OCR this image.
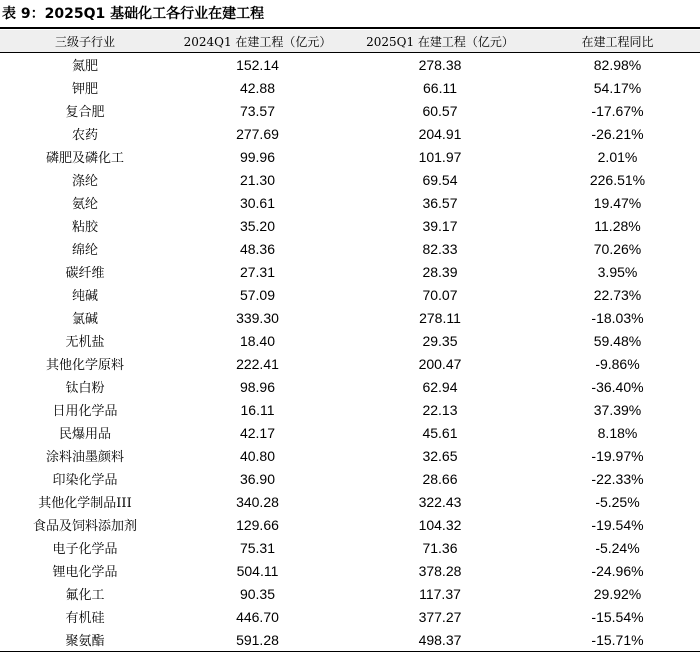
表 9：2025Q1 基础化工各行业在建工程
三级子行业	2024Q1 在建工程（亿元）	2025Q1 在建工程（亿元）	在建工程同比
氮肥	152.14	278.38	82.98%
钾肥	42.88	66.11	54.17%
复合肥	73.57	60.57	-17.67%
农药	277.69	204.91	-26.21%
磷肥及磷化工	99.96	101.97	2.01%
涤纶	21.30	69.54	226.51%
氨纶	30.61	36.57	19.47%
粘胶	35.20	39.17	11.28%
绵纶	48.36	82.33	70.26%
碳纤维	27.31	28.39	3.95%
纯碱	57.09	70.07	22.73%
氯碱	339.30	278.11	-18.03%
无机盐	18.40	29.35	59.48%
其他化学原料	222.41	200.47	-9.86%
钛白粉	98.96	62.94	-36.40%
日用化学品	16.11	22.13	37.39%
民爆用品	42.17	45.61	8.18%
涂料油墨颜料	40.80	32.65	-19.97%
印染化学品	36.90	28.66	-22.33%
其他化学制品III	340.28	322.43	-5.25%
食品及饲料添加剂	129.66	104.32	-19.54%
电子化学品	75.31	71.36	-5.24%
锂电化学品	504.11	378.28	-24.96%
氟化工	90.35	117.37	29.92%
有机硅	446.70	377.27	-15.54%
聚氨酯	591.28	498.37	-15.71%
